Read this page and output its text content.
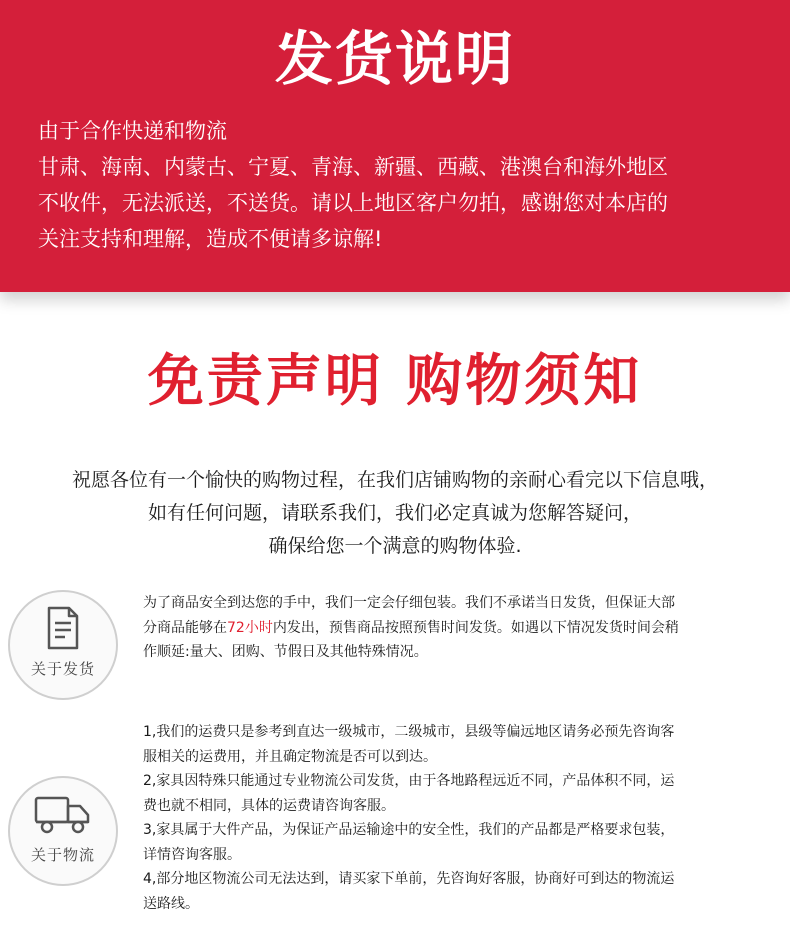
发货说明
由于合作快递和物流
甘肃、海南、内蒙古、宁夏、青海、新疆、西藏、港澳台和海外地区
不收件，无法派送，不送货。请以上地区客户勿拍，感谢您对本店的
关注支持和理解，造成不便请多谅解!
免责声明 购物须知
祝愿各位有一个愉快的购物过程，在我们店铺购物的亲耐心看完以下信息哦，
如有任何问题，请联系我们，我们必定真诚为您解答疑问，
确保给您一个满意的购物体验.
关于发货
为了商品安全到达您的手中，我们一定会仔细包装。我们不承诺当日发货，但保证大部
分商品能够在72小时内发出，预售商品按照预售时间发货。如遇以下情况发货时间会稍
作顺延:量大、团购、节假日及其他特殊情况。
关于物流
1,我们的运费只是参考到直达一级城市，二级城市，县级等偏远地区请务必预先咨询客
服相关的运费用，并且确定物流是否可以到达。
2,家具因特殊只能通过专业物流公司发货，由于各地路程远近不同，产品体积不同，运
费也就不相同，具体的运费请咨询客服。
3,家具属于大件产品，为保证产品运输途中的安全性，我们的产品都是严格要求包装，
详情咨询客服。
4,部分地区物流公司无法达到，请买家下单前，先咨询好客服，协商好可到达的物流运
送路线。
